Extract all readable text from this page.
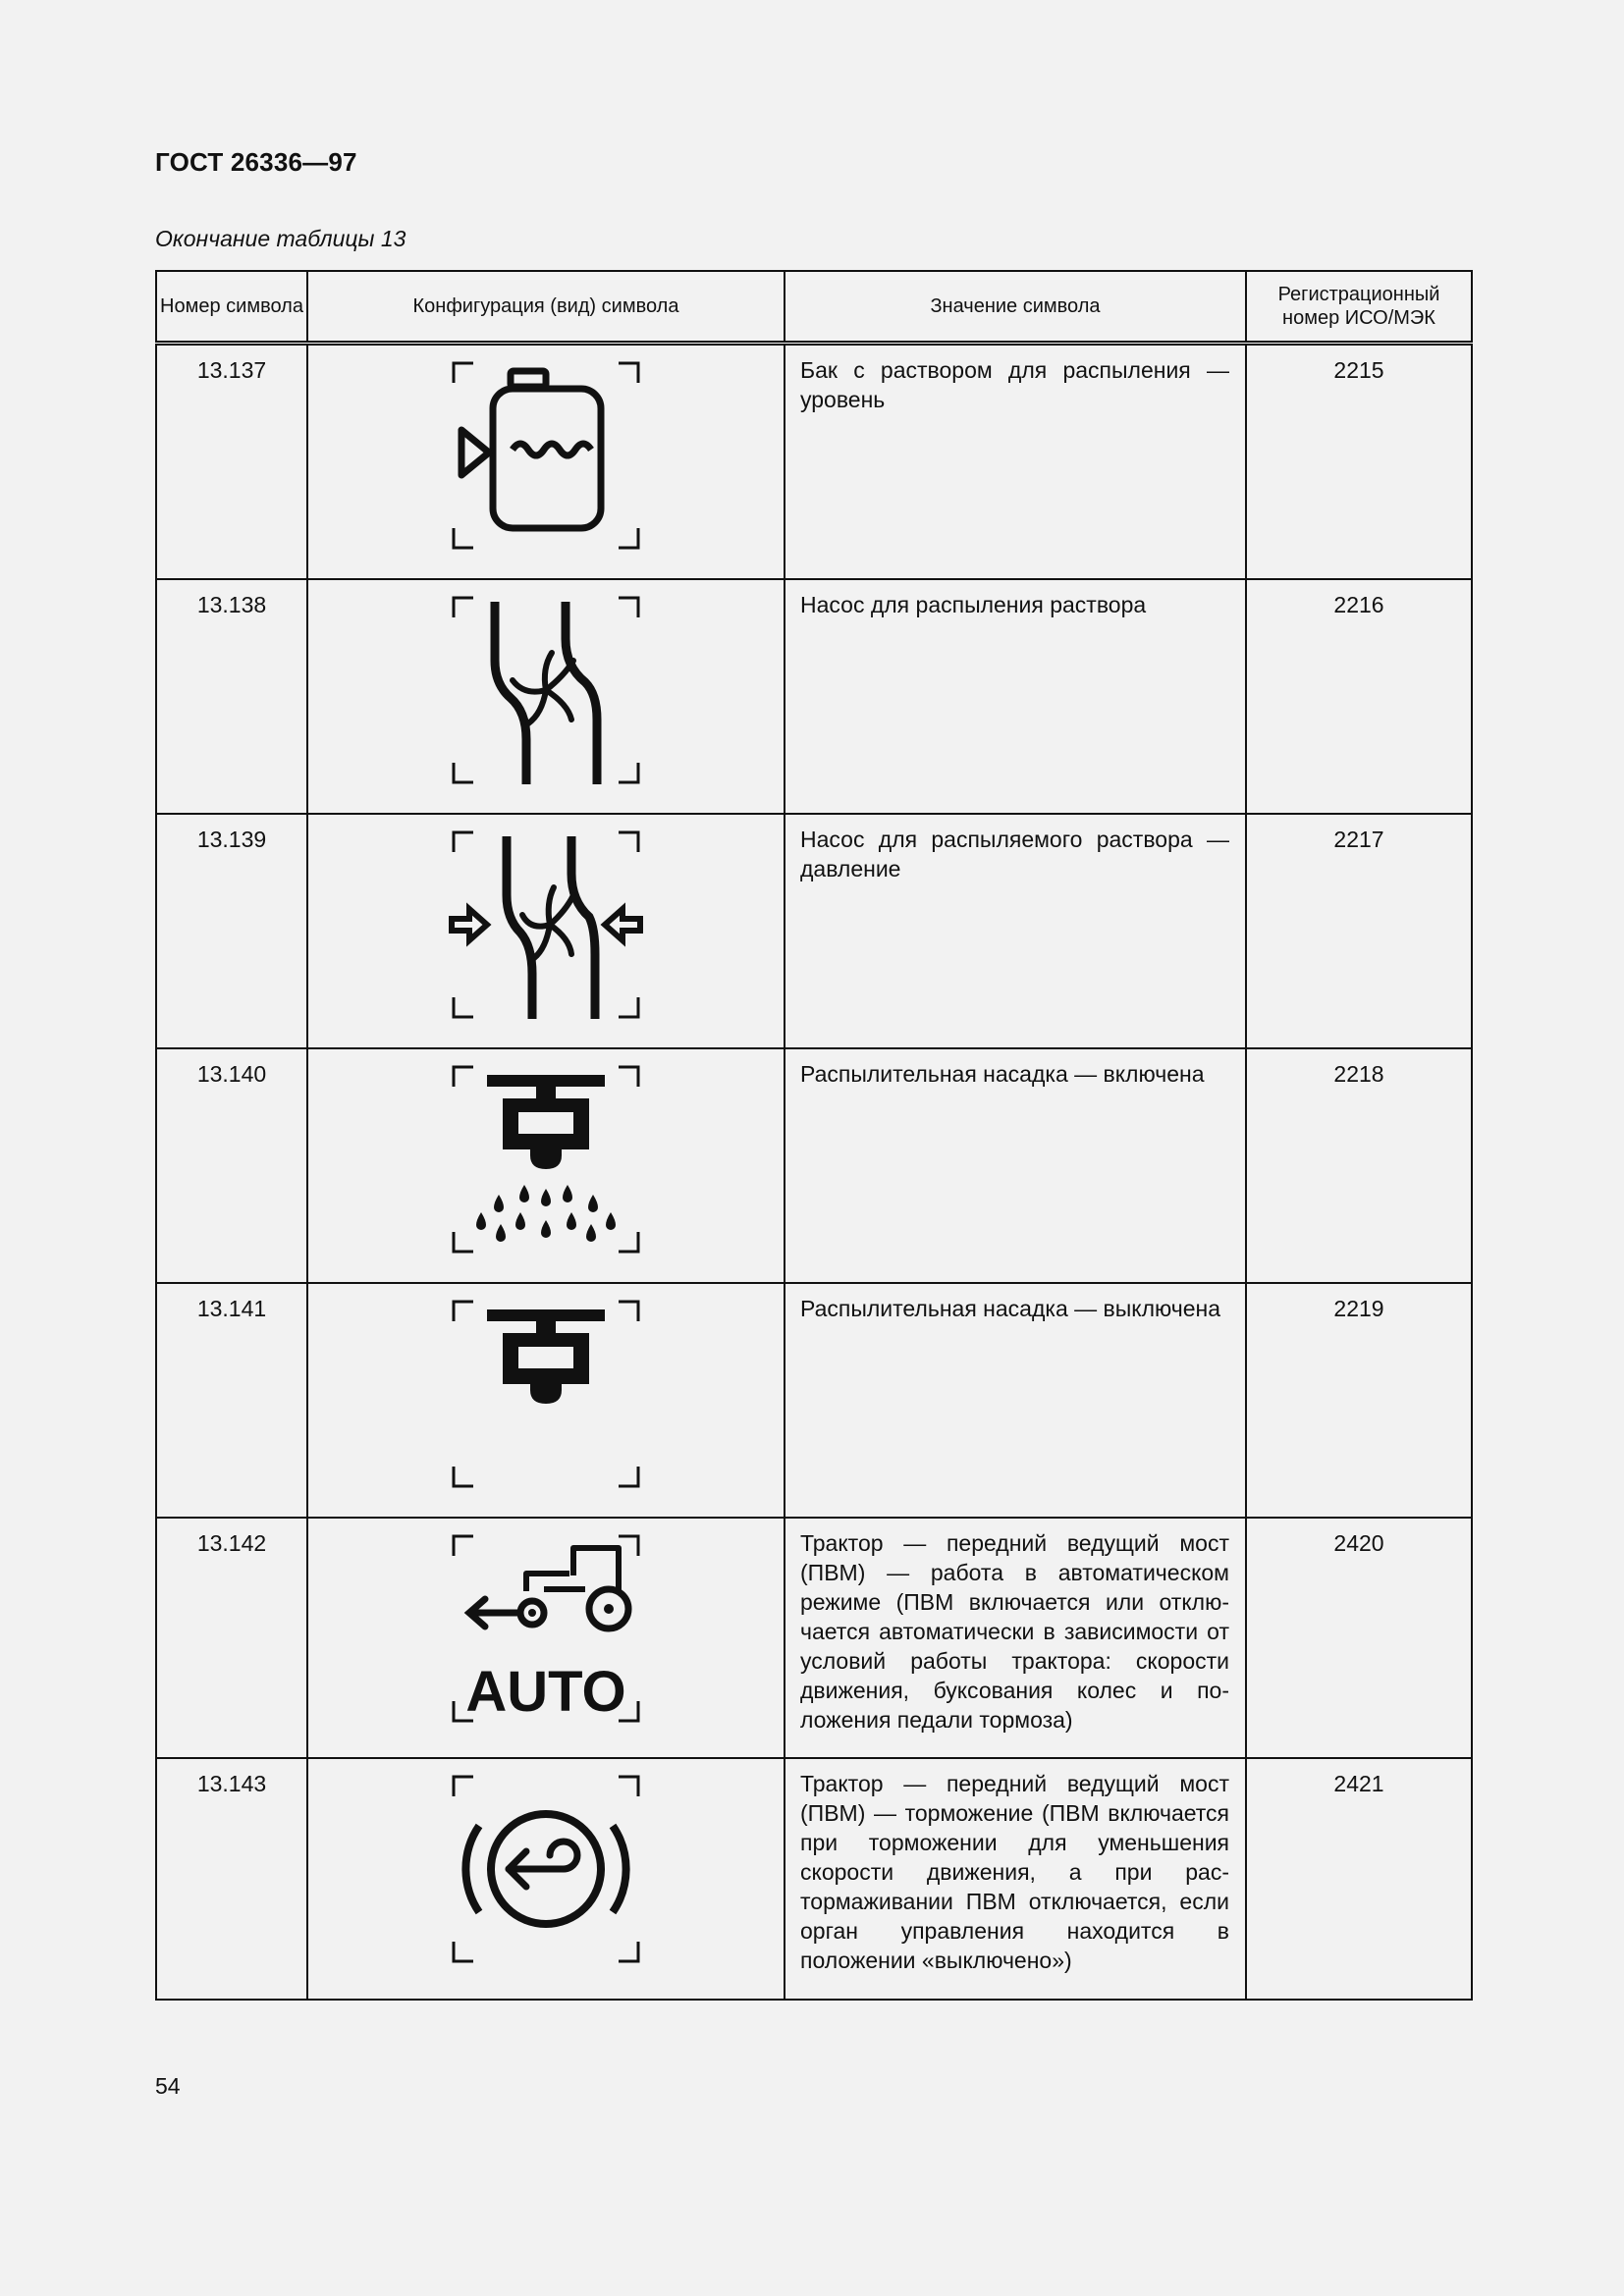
ГОСТ 26336—97
Окончание таблицы 13
Номер символа	Конфигурация (вид) символа	Значение символа	Регистрационный номер ИСО/МЭК
13.137		Бак с раствором для распыления — уровень	2215
13.138		Насос для распыления раствора	2216
13.139		Насос для распыляемого раствора — давление	2217
13.140		Распылительная насадка — включена	2218
13.141		Распылительная насадка — выключена	2219
13.142	AUTO	Трактор — передний ведущий мост (ПВМ) — работа в автоматическом режиме (ПВМ включается или отключается автоматически в зависимости от условий работы трактора: скорости движения, буксования колес и положения педали тормоза)	2420
13.143		Трактор — передний ведущий мост (ПВМ) — торможение (ПВМ включается при торможении для уменьшения скорости движения, а при растормаживании ПВМ отключается, если орган управления находится в положении «выключено»)	2421
54
